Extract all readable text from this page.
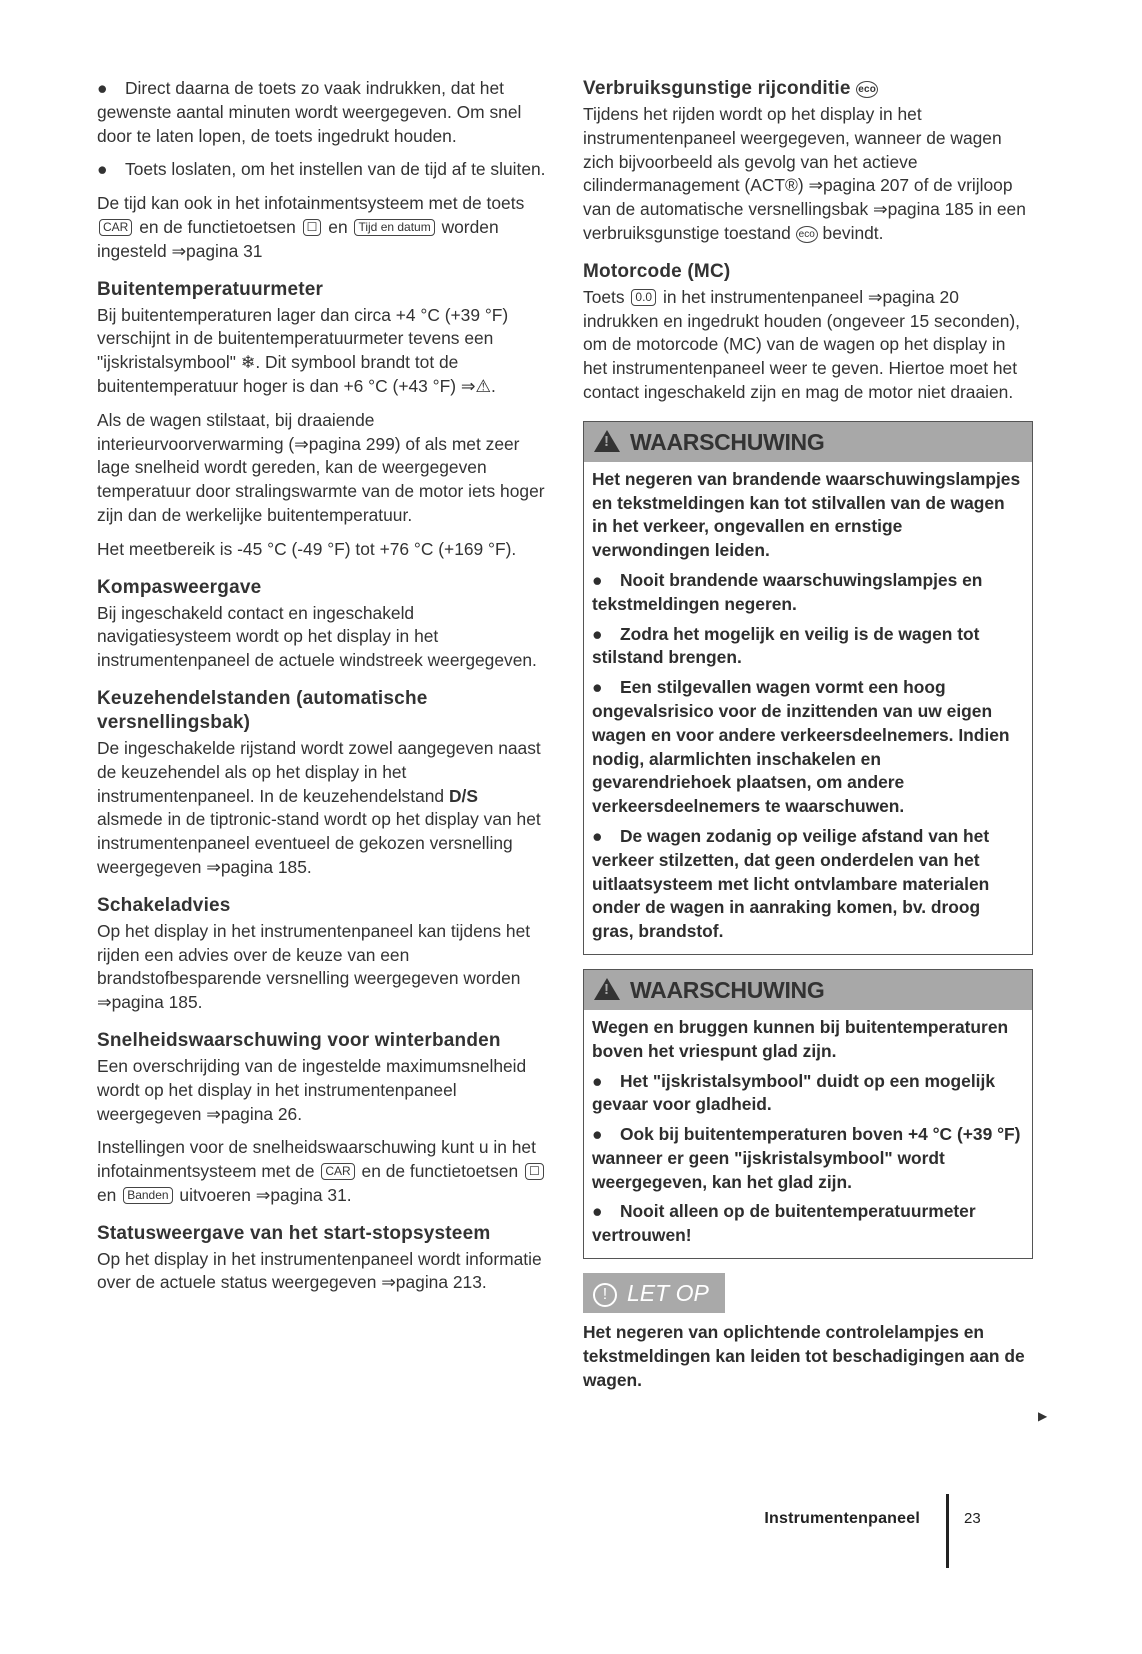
● Direct daarna de toets zo vaak indrukken, dat het gewenste aantal minuten wordt weergegeven. Om snel door te laten lopen, de toets ingedrukt houden.

● Toets loslaten, om het instellen van de tijd af te sluiten.

De tijd kan ook in het infotainmentsysteem met de toets CAR en de functietoetsen ☐ en Tijd en datum worden ingesteld ⇒pagina 31

Buitentemperatuurmeter

Bij buitentemperaturen lager dan circa +4 °C (+39 °F) verschijnt in de buitentemperatuurmeter tevens een "ijskristalsymbool" ❄. Dit symbool brandt tot de buitentemperatuur hoger is dan +6 °C (+43 °F) ⇒⚠.

Als de wagen stilstaat, bij draaiende interieurvoorverwarming (⇒pagina 299) of als met zeer lage snelheid wordt gereden, kan de weergegeven temperatuur door stralingswarmte van de motor iets hoger zijn dan de werkelijke buitentemperatuur.

Het meetbereik is -45 °C (-49 °F) tot +76 °C (+169 °F).

Kompasweergave

Bij ingeschakeld contact en ingeschakeld navigatiesysteem wordt op het display in het instrumentenpaneel de actuele windstreek weergegeven.

Keuzehendelstanden (automatische versnellingsbak)

De ingeschakelde rijstand wordt zowel aangegeven naast de keuzehendel als op het display in het instrumentenpaneel. In de keuzehendelstand D/S alsmede in de tiptronic-stand wordt op het display van het instrumentenpaneel eventueel de gekozen versnelling weergegeven ⇒pagina 185.

Schakeladvies

Op het display in het instrumentenpaneel kan tijdens het rijden een advies over de keuze van een brandstofbesparende versnelling weergegeven worden ⇒pagina 185.

Snelheidswaarschuwing voor winterbanden

Een overschrijding van de ingestelde maximumsnelheid wordt op het display in het instrumentenpaneel weergegeven ⇒pagina 26.

Instellingen voor de snelheidswaarschuwing kunt u in het infotainmentsysteem met de CAR en de functietoetsen ☐ en Banden uitvoeren ⇒pagina 31.

Statusweergave van het start-stopsysteem

Op het display in het instrumentenpaneel wordt informatie over de actuele status weergegeven ⇒pagina 213.

Verbruiksgunstige rijconditie eco

Tijdens het rijden wordt op het display in het instrumentenpaneel weergegeven, wanneer de wagen zich bijvoorbeeld als gevolg van het actieve cilindermanagement (ACT®) ⇒pagina 207 of de vrijloop van de automatische versnellingsbak ⇒pagina 185 in een verbruiksgunstige toestand eco bevindt.

Motorcode (MC)

Toets 0.0 in het instrumentenpaneel ⇒pagina 20 indrukken en ingedrukt houden (ongeveer 15 seconden), om de motorcode (MC) van de wagen op het display in het instrumentenpaneel weer te geven. Hiertoe moet het contact ingeschakeld zijn en mag de motor niet draaien.

!WAARSCHUWING

Het negeren van brandende waarschuwingslampjes en tekstmeldingen kan tot stilvallen van de wagen in het verkeer, ongevallen en ernstige verwondingen leiden.

● Nooit brandende waarschuwingslampjes en tekstmeldingen negeren.

● Zodra het mogelijk en veilig is de wagen tot stilstand brengen.

● Een stilgevallen wagen vormt een hoog ongevalsrisico voor de inzittenden van uw eigen wagen en voor andere verkeersdeelnemers. Indien nodig, alarmlichten inschakelen en gevarendriehoek plaatsen, om andere verkeersdeelnemers te waarschuwen.

● De wagen zodanig op veilige afstand van het verkeer stilzetten, dat geen onderdelen van het uitlaatsysteem met licht ontvlambare materialen onder de wagen in aanraking komen, bv. droog gras, brandstof.

!WAARSCHUWING

Wegen en bruggen kunnen bij buitentemperaturen boven het vriespunt glad zijn.

● Het "ijskristalsymbool" duidt op een mogelijk gevaar voor gladheid.

● Ook bij buitentemperaturen boven +4 °C (+39 °F) wanneer er geen "ijskristalsymbool" wordt weergegeven, kan het glad zijn.

● Nooit alleen op de buitentemperatuurmeter vertrouwen!

! LET OP

Het negeren van oplichtende controlelampjes en tekstmeldingen kan leiden tot beschadigingen aan de wagen.

▶
Instrumentenpaneel	23
